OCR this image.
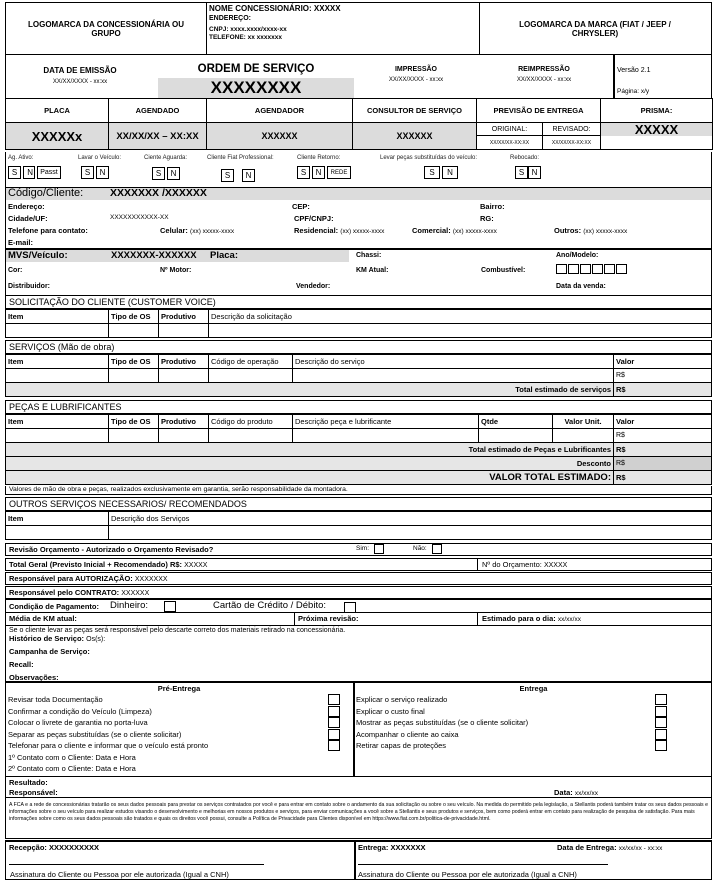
LOGOMARCA DA CONCESSIONÁRIA OU GRUPO
NOME CONCESSIONÁRIO: XXXXX
ENDEREÇO:
CNPJ: xxxx.xxxx/xxxx-xx
TELEFONE: xx xxxxxxx
LOGOMARCA DA MARCA (FIAT / JEEP / CHRYSLER)
DATA DE EMISSÃO
XX/XX/XXXX - xx:xx
ORDEM DE SERVIÇO
XXXXXXXX
IMPRESSÃO
XX/XX/XXXX - xx:xx
REIMPRESSÃO
XX/XX/XXXX - xx:xx
Versão 2.1
Página: x/y
PLACA	AGENDADO	AGENDADOR	CONSULTOR DE SERVIÇO	PREVISÃO DE ENTREGA		PRISMA:
XXXXXx	XX/XX/XX – XX:XX	XXXXXX	XXXXXX	ORIGINAL:	REVISADO:	XXXXX
				XX/XX/XX-XX:XX	XX/XX/XX-XX:XX	
Ag. Ativo:
S N Passt
Lavar o Veículo:
S N
Ciente Aguarda:
S N
Cliente Fiat Professional:
S N
Cliente Retorno:
S N REDE
Levar peças substituídas do veículo:
S N
Rebocado:
S N
Código/Cliente:	XXXXXXX /XXXXXX
Endereço:	CEP:	Bairro:
Cidade/UF:	XXXXXXXXXXX-XX	CPF/CNPJ:	RG:
Telefone para contato:	Celular: (xx) xxxxx-xxxx	Residencial: (xx) xxxxx-xxxx	Comercial: (xx) xxxxx-xxxx	Outros: (xx) xxxxx-xxxx
E-mail:
MVS/Veículo:	XXXXXXX-XXXXXX Placa:	Chassi:	Ano/Modelo:
Cor:	Nº Motor:	KM Atual:	Combustível:
Distribuidor:	Vendedor:	Data da venda:
SOLICITAÇÃO DO CLIENTE (CUSTOMER VOICE)
Item	Tipo de OS	Produtivo	Descrição da solicitação

SERVIÇOS (Mão de obra)
Item	Tipo de OS	Produtivo	Código de operação	Descrição do serviço	Valor
					R$
Total estimado de serviços					R$
PEÇAS E LUBRIFICANTES
Item	Tipo de OS	Produtivo	Código do produto	Descrição peça e lubrificante	Qtde	Valor Unit.	Valor
							R$
Total estimado de Peças e Lubrificantes							R$
Desconto							R$
VALOR TOTAL ESTIMADO:							R$
Valores de mão de obra e peças, realizados exclusivamente em garantia, serão responsabilidade da montadora.
OUTROS SERVIÇOS NECESSARIOS/ RECOMENDADOS
Item	Descrição dos Serviços

Revisão Orçamento - Autorizado o Orçamento Revisado?	Sim:	Não:
Total Geral (Previsto Inicial + Recomendado) R$: XXXXX	Nº do Orçamento: XXXXX
Responsável para AUTORIZAÇÃO: XXXXXXX
Responsável pelo CONTRATO: XXXXXX
Condição de Pagamento: Dinheiro:	Cartão de Crédito / Débito:
Média de KM atual:	Próxima revisão:	Estimado para o dia: xx/xx/xx
Se o cliente levar as peças será responsável pelo descarte correto dos materiais retirado na concessionária.
Histórico de Serviço: Os(s):
Campanha de Serviço:
Recall:
Observações:
Pré-Entrega
Revisar toda Documentação
Confirmar a condição do Veículo (Limpeza)
Colocar o livrete de garantia no porta-luva
Separar as peças substituídas (se o cliente solicitar)
Telefonar para o cliente e informar que o veículo está pronto
1º Contato com o Cliente: Data e Hora
2º Contato com o Cliente: Data e Hora
Entrega
Explicar o serviço realizado
Explicar o custo final
Mostrar as peças substituídas (se o cliente solicitar)
Acompanhar o cliente ao caixa
Retirar capas de proteções
Resultado:
Responsável:	Data: xx/xx/xx
A FCA e a rede de concessionárias tratarão os seus dados pessoais para prestar os serviços contratados por você e para entrar em contato sobre o andamento da sua solicitação ou sobre o seu veículo. Na medida do permitido pela legislação, a Stellantis poderá também tratar os seus dados pessoais e informações sobre o seu veículo para realizar estudos visando o desenvolvimento e melhorias em nossos produtos e serviços, para enviar comunicações a você sobre a Stellantis e seus produtos e serviços, bem como poderá entrar em contato para realização de pesquisa de satisfação. Para mais informações sobre como os seus dados pessoais são tratados e quais os direitos você possui, consulte a Política de Privacidade para Clientes disponível em https://www.fiat.com.br/politica-de-privacidade.html.
Recepção: XXXXXXXXXX
Assinatura do Cliente ou Pessoa por ele autorizada (Igual a CNH)
Entrega: XXXXXXX	Data de Entrega: xx/xx/xx - xx:xx
Assinatura do Cliente ou Pessoa por ele autorizada (Igual a CNH)
